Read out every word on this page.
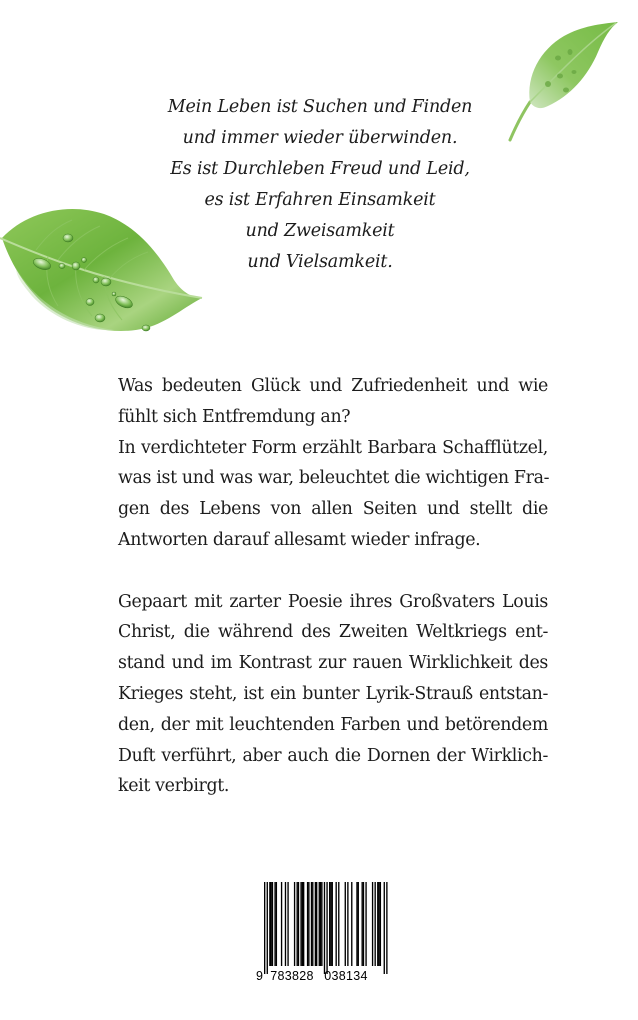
Mein Leben ist Suchen und Finden
und immer wieder überwinden.
Es ist Durchleben Freud und Leid,
es ist Erfahren Einsamkeit
und Zweisamkeit
und Vielsamkeit.
Was bedeuten Glück und Zufriedenheit und wie
fühlt sich Entfremdung an?
In verdichteter Form erzählt Barbara Schafflützel,
was ist und was war, beleuchtet die wichtigen Fra-
gen des Lebens von allen Seiten und stellt die
Antworten darauf allesamt wieder infrage.
Gepaart mit zarter Poesie ihres Großvaters Louis
Christ, die während des Zweiten Weltkriegs ent-
stand und im Kontrast zur rauen Wirklichkeit des
Krieges steht, ist ein bunter Lyrik-Strauß entstan-
den, der mit leuchtenden Farben und betörendem
Duft verführt, aber auch die Dornen der Wirklich-
keit verbirgt.
9 783828 038134
